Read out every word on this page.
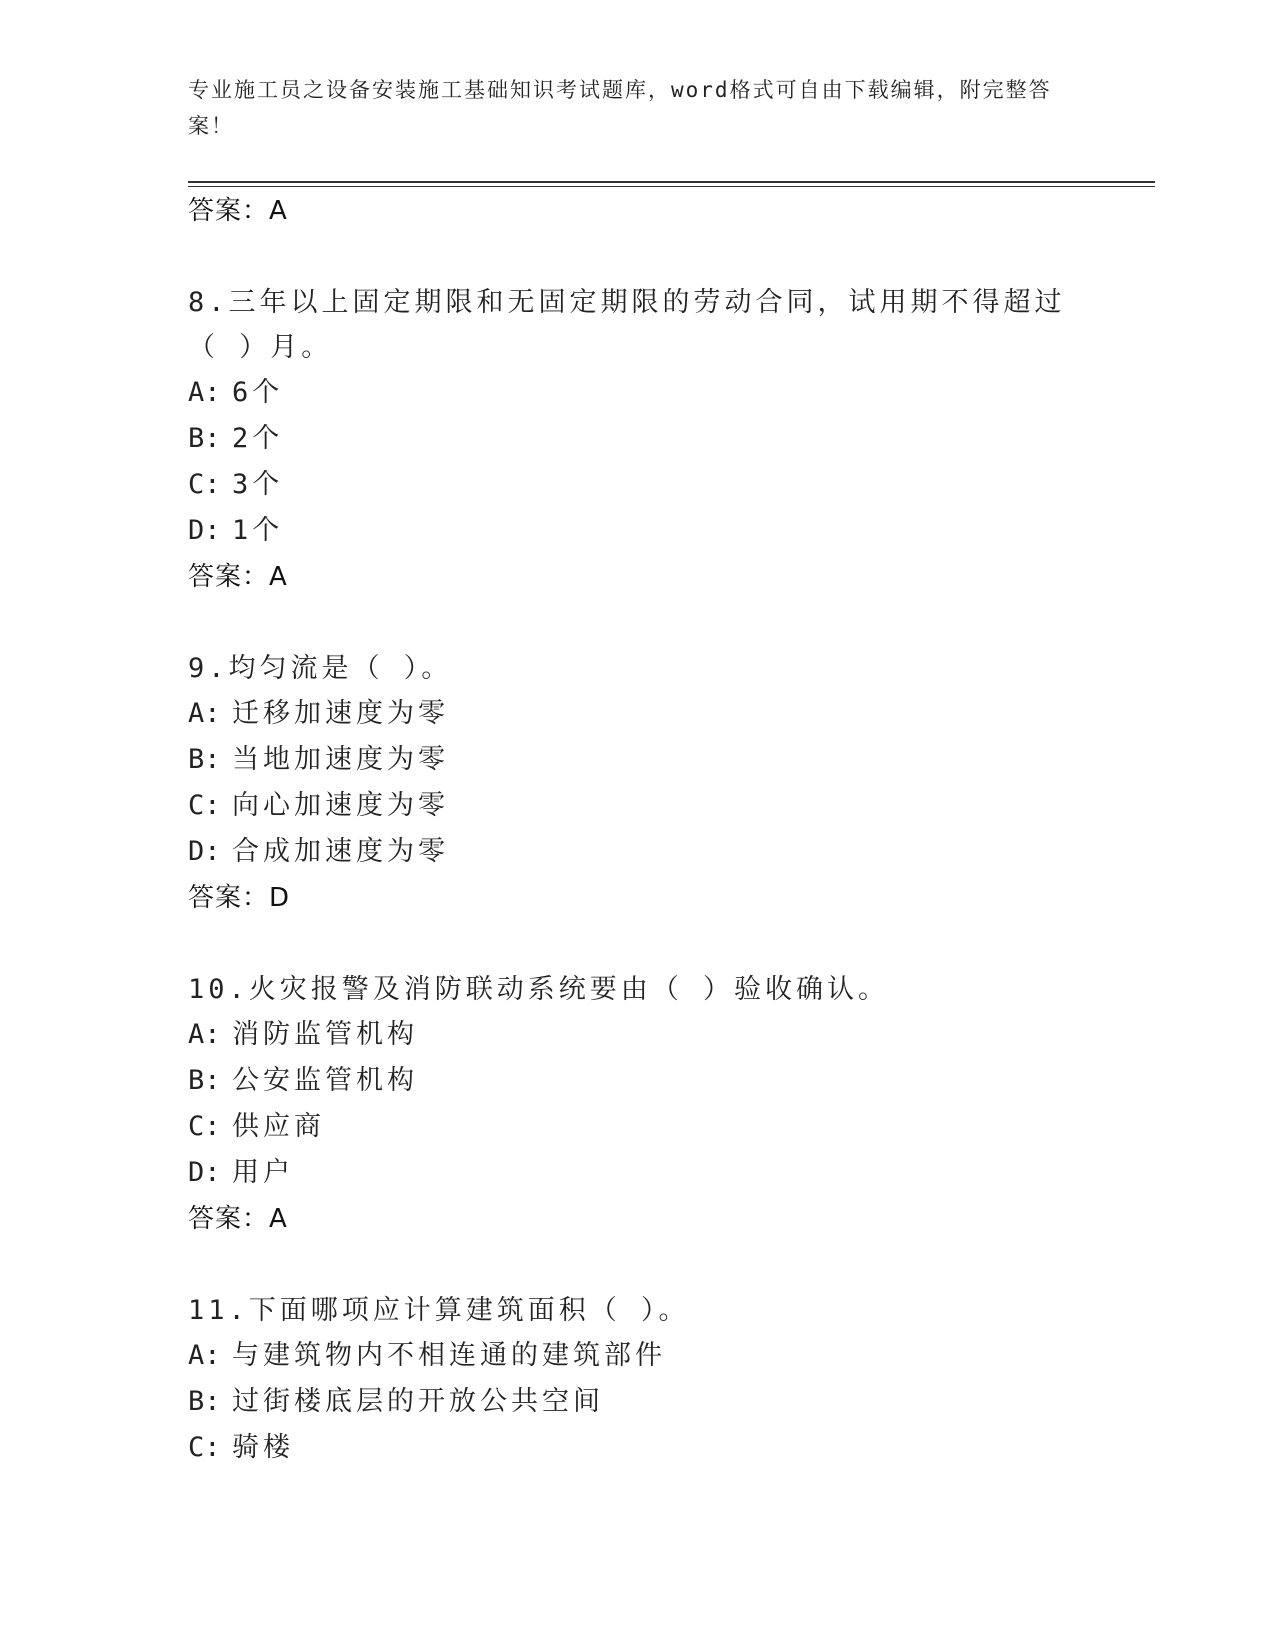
专业施工员之设备安装施工基础知识考试题库，word格式可自由下载编辑，附完整答案！
答案：A
8.三年以上固定期限和无固定期限的劳动合同，试用期不得超过（ ）月。
A: 6个
B: 2个
C: 3个
D: 1个
答案：A
9.均匀流是（ ）。
A: 迁移加速度为零
B: 当地加速度为零
C: 向心加速度为零
D: 合成加速度为零
答案：D
10.火灾报警及消防联动系统要由（ ）验收确认。
A: 消防监管机构
B: 公安监管机构
C: 供应商
D: 用户
答案：A
11.下面哪项应计算建筑面积（ ）。
A: 与建筑物内不相连通的建筑部件
B: 过街楼底层的开放公共空间
C: 骑楼
